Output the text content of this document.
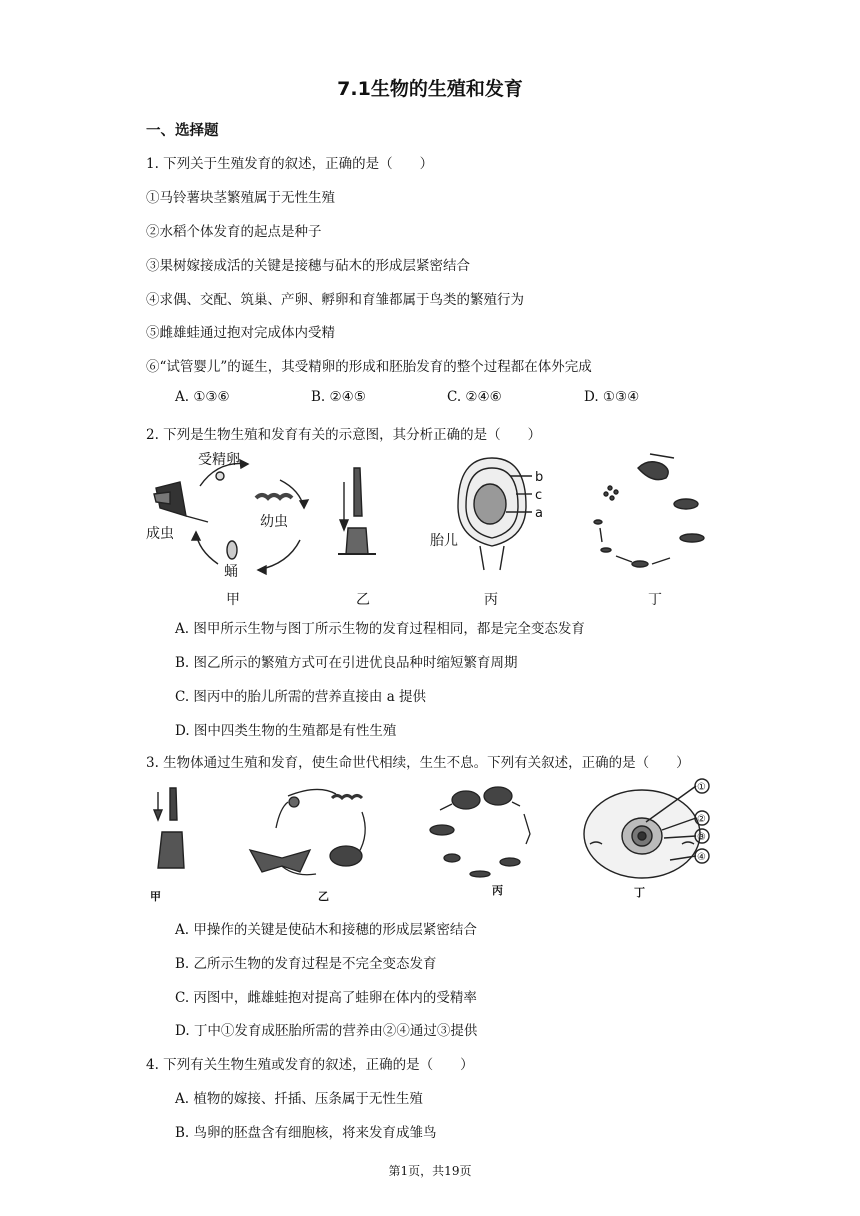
7.1生物的生殖和发育
一、选择题
1. 下列关于生殖发育的叙述，正确的是（　　）
①马铃薯块茎繁殖属于无性生殖
②水稻个体发育的起点是种子
③果树嫁接成活的关键是接穗与砧木的形成层紧密结合
④求偶、交配、筑巢、产卵、孵卵和育雏都属于鸟类的繁殖行为
⑤雌雄蛙通过抱对完成体内受精
⑥“试管婴儿”的诞生，其受精卵的形成和胚胎发育的整个过程都在体外完成
A. ①③⑥	B. ②④⑤	C. ②④⑥	D. ①③④
2. 下列是生物生殖和发育有关的示意图，其分析正确的是（　　）
受精卵
幼虫
成虫
蛹
b
c
a
胎儿
甲	乙	丙	丁
A. 图甲所示生物与图丁所示生物的发育过程相同，都是完全变态发育
B. 图乙所示的繁殖方式可在引进优良品种时缩短繁育周期
C. 图丙中的胎儿所需的营养直接由 a 提供
D. 图中四类生物的生殖都是有性生殖
3. 生物体通过生殖和发育，使生命世代相续，生生不息。下列有关叙述，正确的是（　　）
①
②
③
④
甲	乙	丙	丁
A. 甲操作的关键是使砧木和接穗的形成层紧密结合
B. 乙所示生物的发育过程是不完全变态发育
C. 丙图中，雌雄蛙抱对提高了蛙卵在体内的受精率
D. 丁中①发育成胚胎所需的营养由②④通过③提供
4. 下列有关生物生殖或发育的叙述，正确的是（　　）
A. 植物的嫁接、扦插、压条属于无性生殖
B. 鸟卵的胚盘含有细胞核，将来发育成雏鸟
第1页，共19页
